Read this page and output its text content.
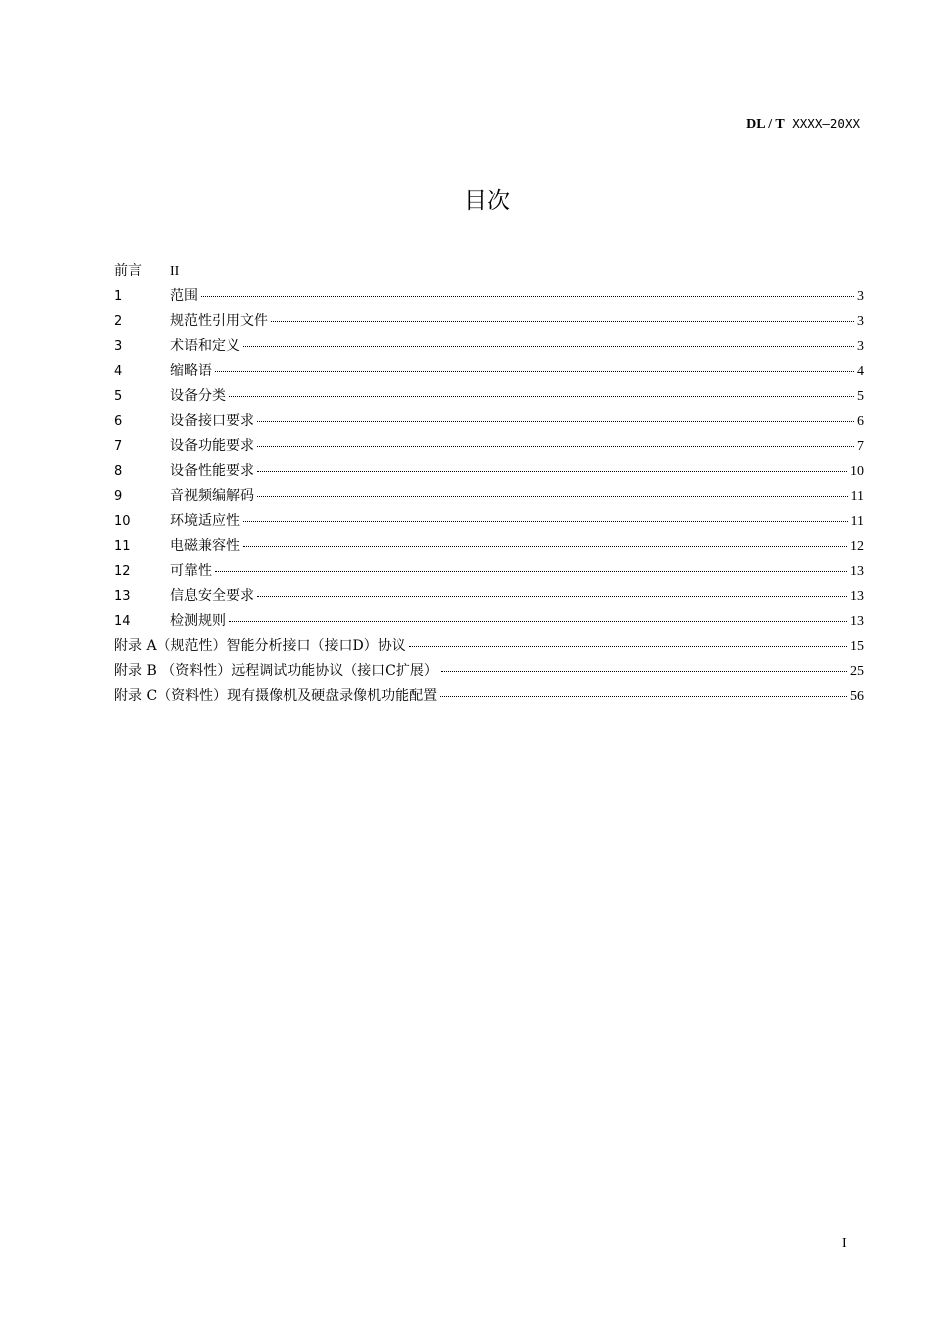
DL / T XXXX—20XX
目次
前言	II
1	范围	3
2	规范性引用文件	3
3	术语和定义	3
4	缩略语	4
5	设备分类	5
6	设备接口要求	6
7	设备功能要求	7
8	设备性能要求	10
9	音视频编解码	11
10	环境适应性	11
11	电磁兼容性	12
12	可靠性	13
13	信息安全要求	13
14	检测规则	13
附录 A（规范性）智能分析接口（接口D）协议	15
附录 B （资料性）远程调试功能协议（接口C扩展）	25
附录 C（资料性）现有摄像机及硬盘录像机功能配置	56
I
